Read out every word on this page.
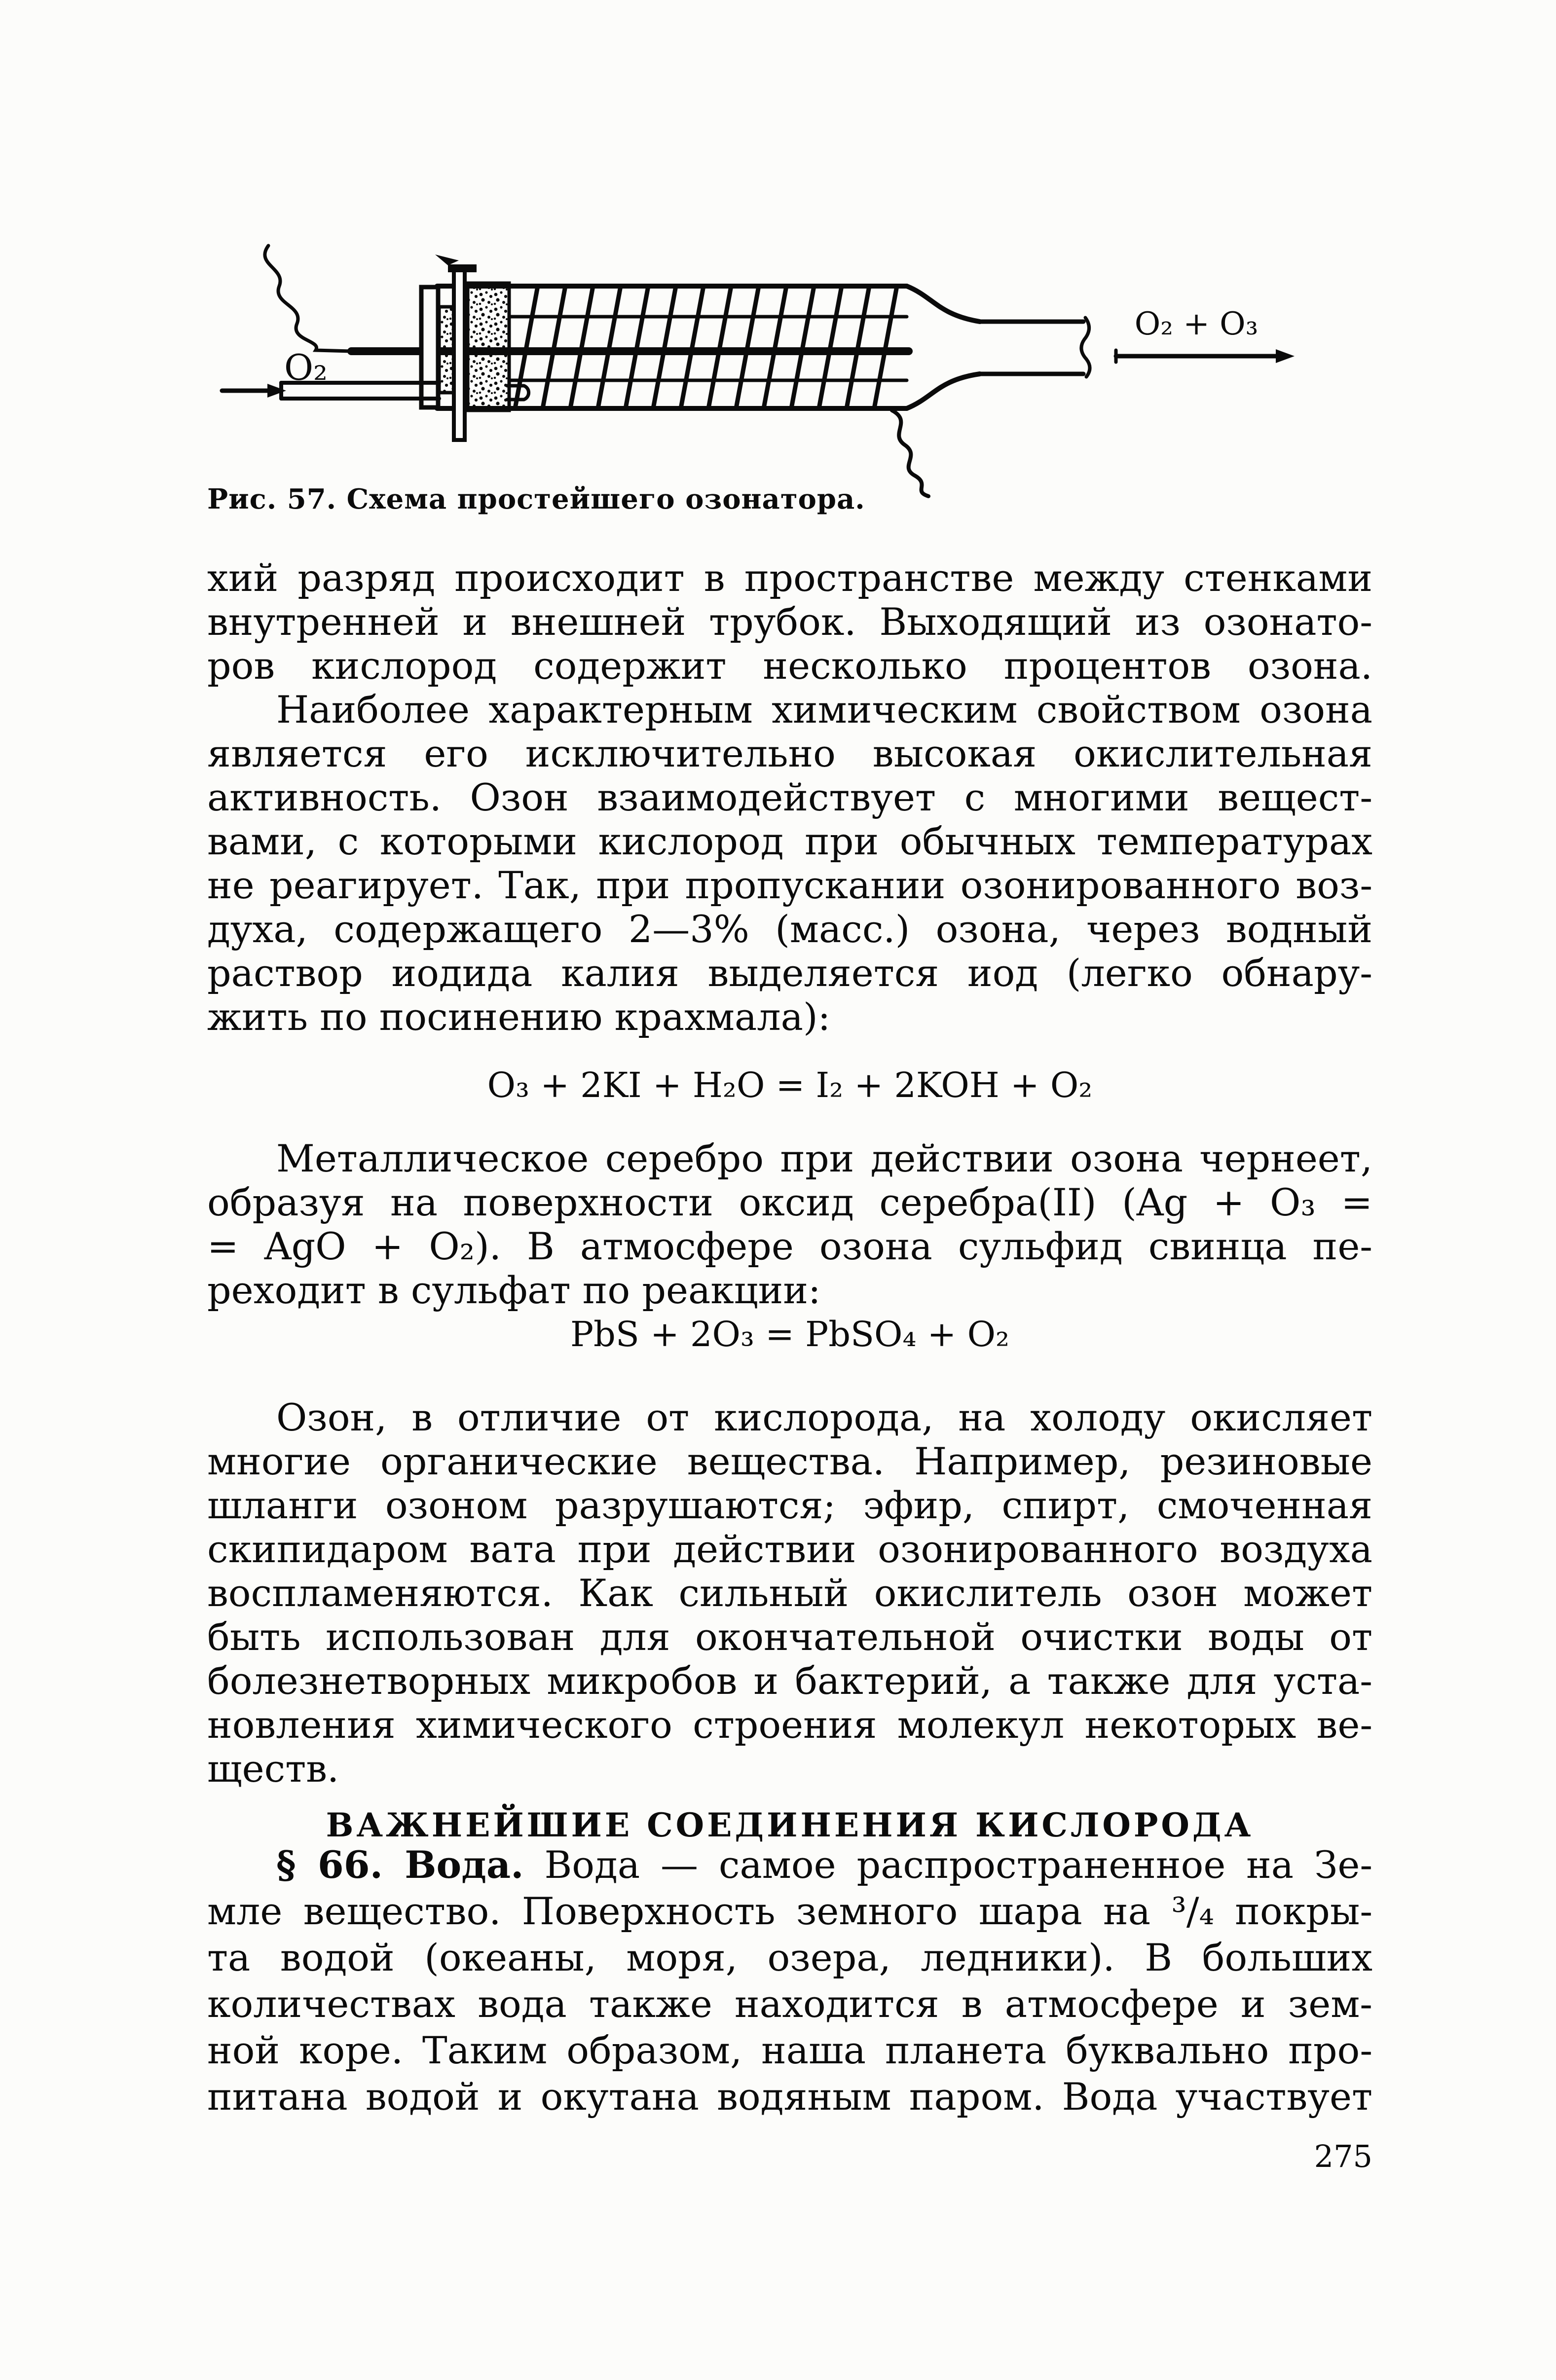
O₂
O₂ + O₃
Рис. 57. Схема простейшего озонатора.
хий разряд происходит в пространстве между стенками
внутренней и внешней трубок. Выходящий из озонато-
ров кислород содержит несколько процентов озона.
Наиболее характерным химическим свойством озона
является его исключительно высокая окислительная
активность. Озон взаимодействует с многими вещест-
вами, с которыми кислород при обычных температурах
не реагирует. Так, при пропускании озонированного воз-
духа, содержащего 2—3% (масс.) озона, через водный
раствор иодида калия выделяется иод (легко обнару-
жить по посинению крахмала):
O₃ + 2KI + H₂O = I₂ + 2KOH + O₂
Металлическое серебро при действии озона чернеет,
образуя на поверхности оксид серебра(II) (Ag + O₃ =
= AgO + O₂). В атмосфере озона сульфид свинца пе-
реходит в сульфат по реакции:
PbS + 2O₃ = PbSO₄ + O₂
Озон, в отличие от кислорода, на холоду окисляет
многие органические вещества. Например, резиновые
шланги озоном разрушаются; эфир, спирт, смоченная
скипидаром вата при действии озонированного воздуха
воспламеняются. Как сильный окислитель озон может
быть использован для окончательной очистки воды от
болезнетворных микробов и бактерий, а также для уста-
новления химического строения молекул некоторых ве-
ществ.
ВАЖНЕЙШИЕ СОЕДИНЕНИЯ КИСЛОРОДА
§ 66. Вода. Вода — самое распространенное на Зе-
мле вещество. Поверхность земного шара на ³/₄ покры-
та водой (океаны, моря, озера, ледники). В больших
количествах вода также находится в атмосфере и зем-
ной коре. Таким образом, наша планета буквально про-
питана водой и окутана водяным паром. Вода участвует
275
